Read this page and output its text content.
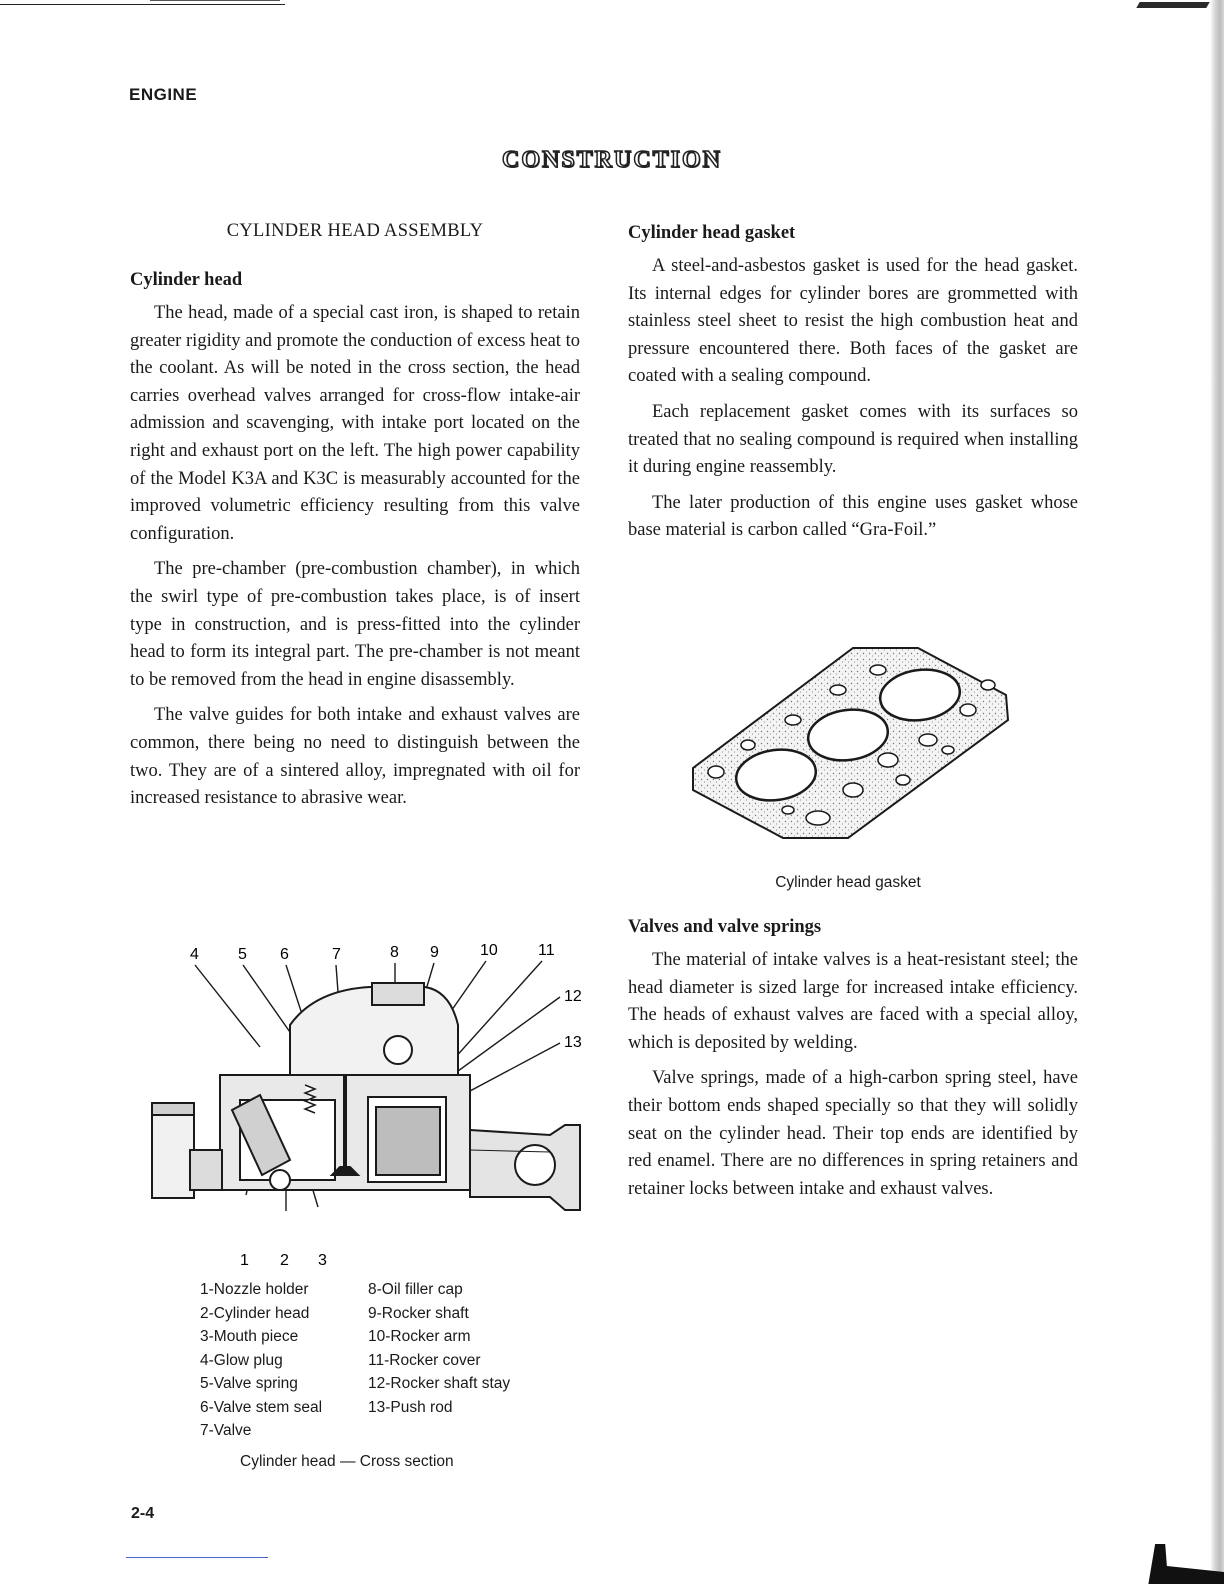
ENGINE
CONSTRUCTION
CYLINDER HEAD ASSEMBLY
Cylinder head

The head, made of a special cast iron, is shaped to retain greater rigidity and promote the conduction of excess heat to the coolant. As will be noted in the cross section, the head carries overhead valves arranged for cross-flow intake-air admission and scavenging, with intake port located on the right and exhaust port on the left. The high power capability of the Model K3A and K3C is measurably accounted for the improved volumetric efficiency resulting from this valve configuration.

The pre-chamber (pre-combustion chamber), in which the swirl type of pre-combustion takes place, is of insert type in construction, and is press-fitted into the cylinder head to form its integral part. The pre-chamber is not meant to be removed from the head in engine disassembly.

The valve guides for both intake and exhaust valves are common, there being no need to distinguish between the two. They are of a sintered alloy, impregnated with oil for increased resistance to abrasive wear.

4 5 6	7	8 9	10	11
12
13
1 2 3
1-Nozzle holder
2-Cylinder head
3-Mouth piece
4-Glow plug
5-Valve spring
6-Valve stem seal
7-Valve
8-Oil filler cap
9-Rocker shaft
10-Rocker arm
11-Rocker cover
12-Rocker shaft stay
13-Push rod
Cylinder head — Cross section
Cylinder head gasket

A steel-and-asbestos gasket is used for the head gasket. Its internal edges for cylinder bores are grommetted with stainless steel sheet to resist the high combustion heat and pressure encountered there. Both faces of the gasket are coated with a sealing compound.

Each replacement gasket comes with its surfaces so treated that no sealing compound is required when installing it during engine reassembly.

The later production of this engine uses gasket whose base material is carbon called “Gra-Foil.”

Cylinder head gasket
Valves and valve springs

The material of intake valves is a heat-resistant steel; the head diameter is sized large for increased intake efficiency. The heads of exhaust valves are faced with a special alloy, which is deposited by welding.

Valve springs, made of a high-carbon spring steel, have their bottom ends shaped specially so that they will solidly seat on the cylinder head. Their top ends are identified by red enamel. There are no differences in spring retainers and retainer locks between intake and exhaust valves.

2-4
